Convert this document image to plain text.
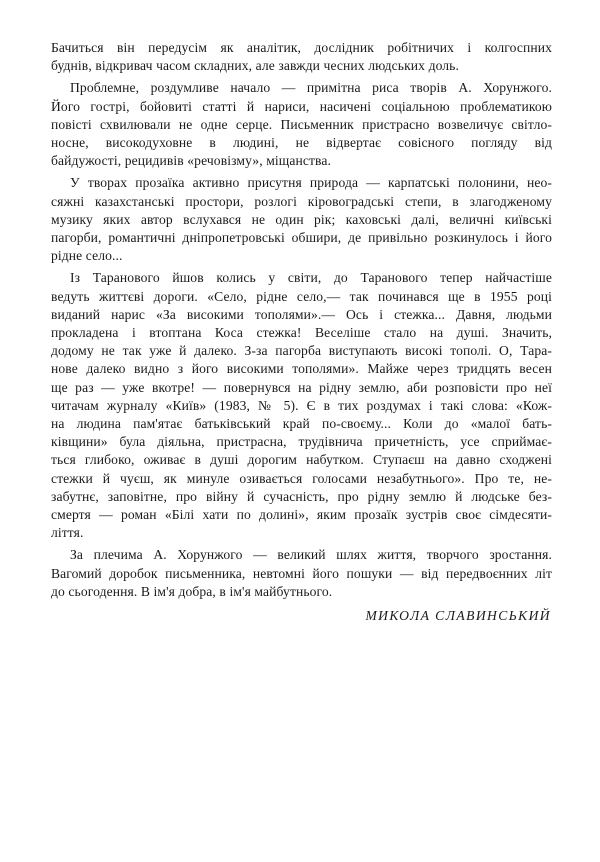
Бачиться він передусім як аналітик, дослідник робітничих і колгоспних
буднів, відкривач часом складних, але завжди чесних людських доль.
Проблемне, роздумливе начало — примітна риса творів А. Хорунжого.
Його гострі, бойовиті статті й нариси, насичені соціальною проблематикою
повісті схвилювали не одне серце. Письменник пристрасно возвеличує світло-
носне, високодуховне в людині, не відвертає совісного погляду від
байдужості, рецидивів «речовізму», міщанства.
У творах прозаїка активно присутня природа — карпатські полонини, нео-
сяжні казахстанські простори, розлогі кіровоградські степи, в злагодженому
музику яких автор вслухався не один рік; каховські далі, величні київські
пагорби, романтичні дніпропетровські обшири, де привільно розкинулось і його
рідне село...
Із Таранового йшов колись у світи, до Таранового тепер найчастіше
ведуть життєві дороги. «Село, рідне село,— так починався ще в 1955 році
виданий нарис «За високими тополями».— Ось і стежка... Давня, людьми
прокладена і втоптана Коса стежка! Веселіше стало на душі. Значить,
додому не так уже й далеко. З-за пагорба виступають високі тополі. О, Тара-
нове далеко видно з його високими тополями». Майже через тридцять весен
ще раз — уже вкотре! — повернувся на рідну землю, аби розповісти про неї
читачам журналу «Київ» (1983, № 5). Є в тих роздумах і такі слова: «Кож-
на людина пам'ятає батьківський край по-своєму... Коли до «малої бать-
ківщини» була діяльна, пристрасна, трудівнича причетність, усе сприймає-
ться глибоко, оживає в душі дорогим набутком. Ступаєш на давно сходжені
стежки й чуєш, як минуле озивається голосами незабутнього». Про те, не-
забутнє, заповітне, про війну й сучасність, про рідну землю й людське без-
смертя — роман «Білі хати по долині», яким прозаїк зустрів своє сімдесяти-
ліття.
За плечима А. Хорунжого — великий шлях життя, творчого зростання.
Вагомий доробок письменника, невтомні його пошуки — від передвоєнних літ
до сьогодення. В ім'я добра, в ім'я майбутнього.
МИКОЛА СЛАВИНСЬКИЙ
